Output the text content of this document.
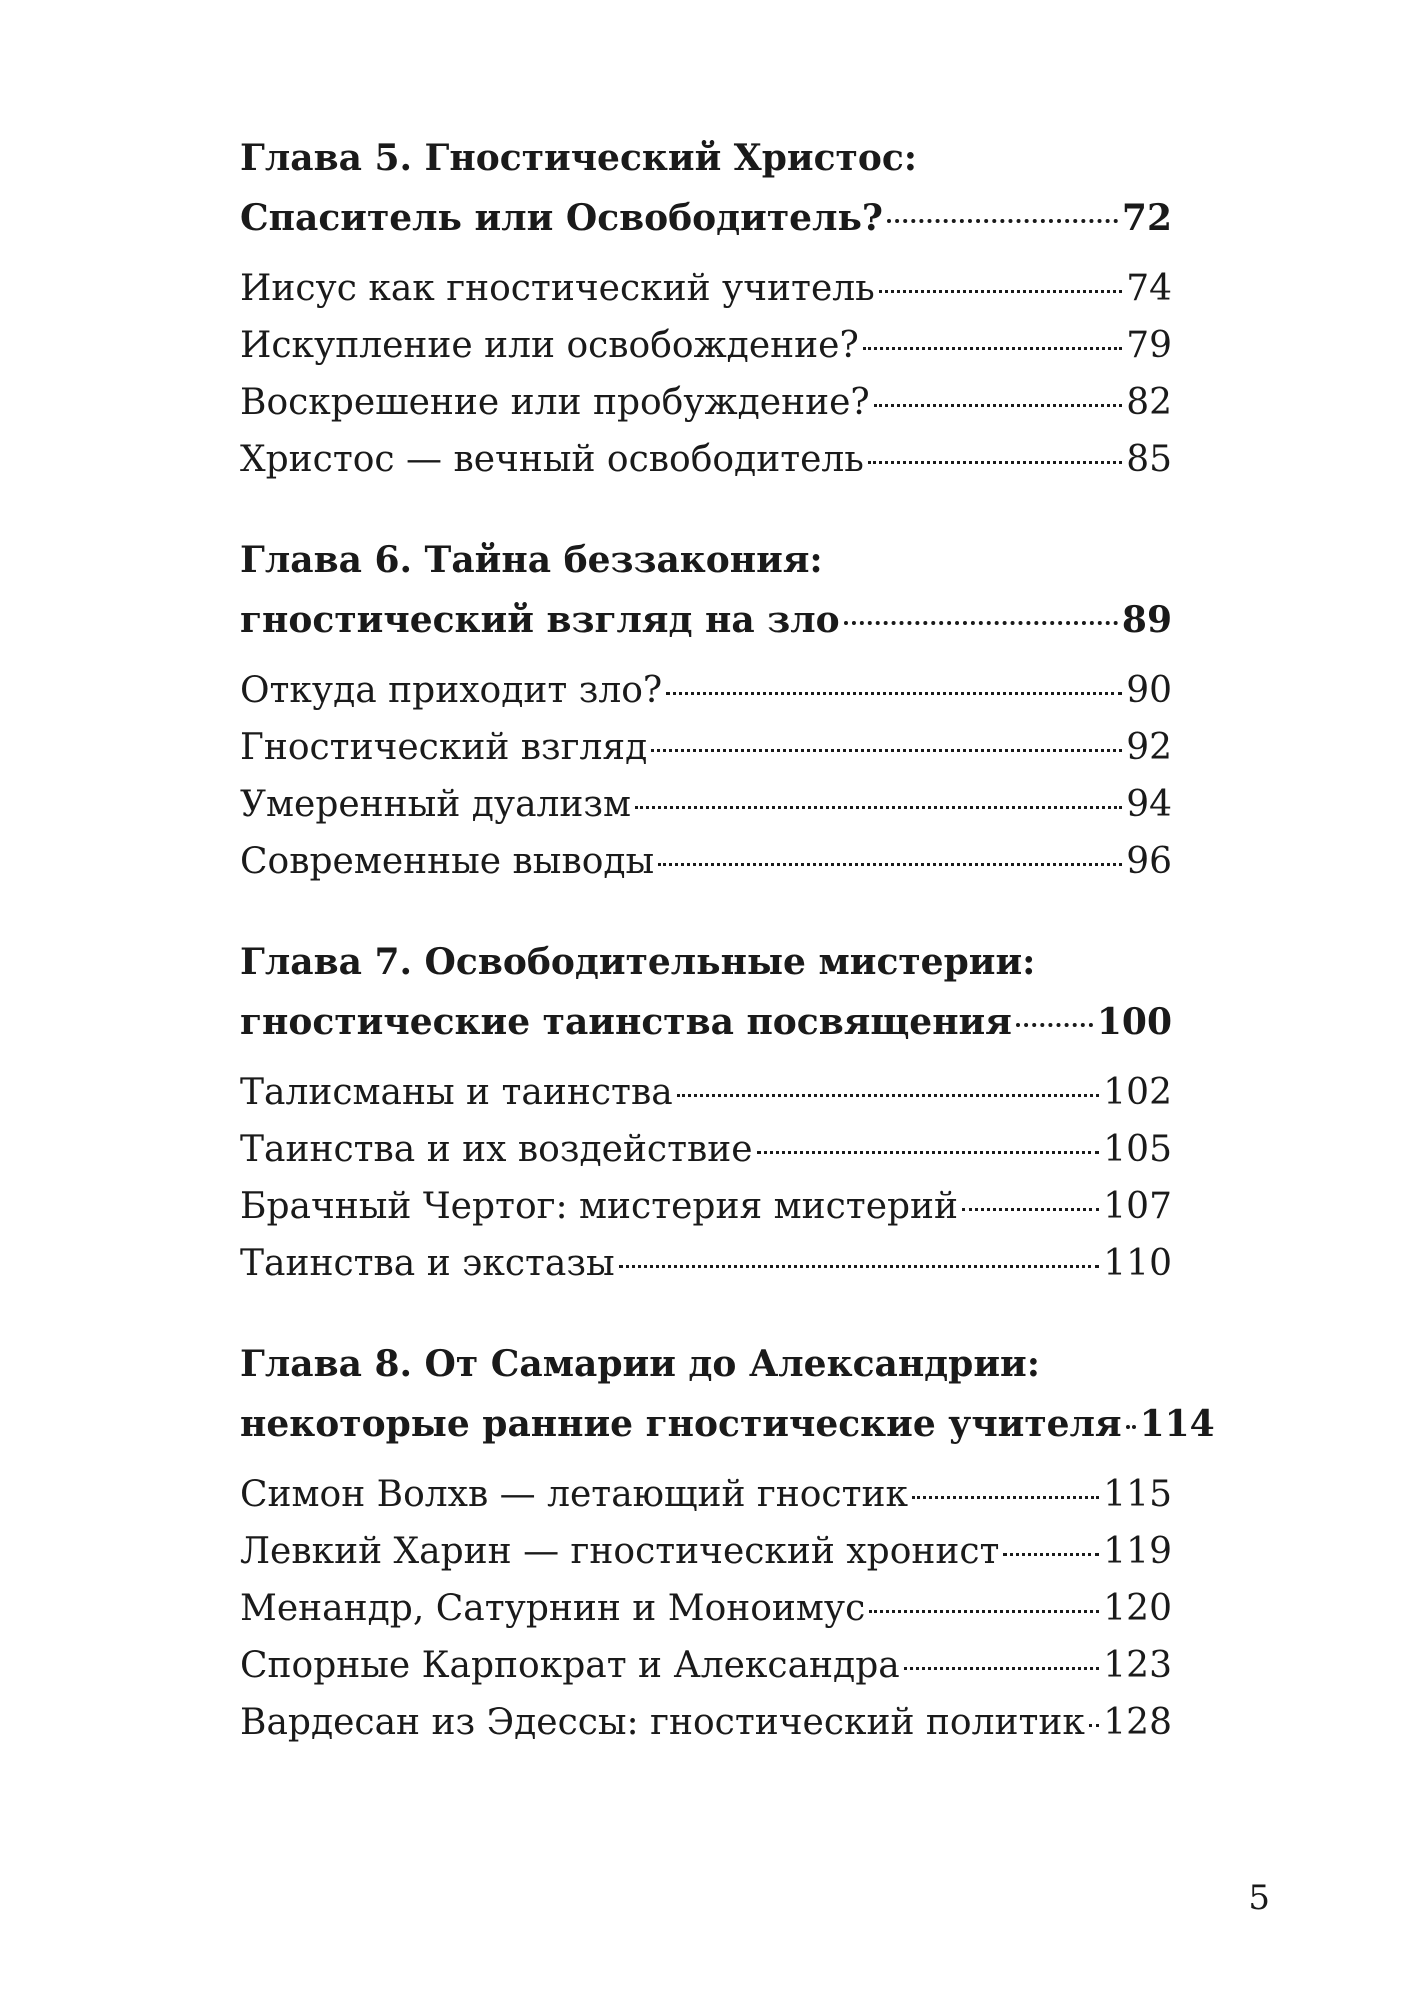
Глава 5. Гностический Христос:
Спаситель или Освободитель?	72
Иисус как гностический учитель	74
Искупление или освобождение?	79
Воскрешение или пробуждение?	82
Христос — вечный освободитель	85
Глава 6. Тайна беззакония:
гностический взгляд на зло	89
Откуда приходит зло?	90
Гностический взгляд	92
Умеренный дуализм	94
Современные выводы	96
Глава 7. Освободительные мистерии:
гностические таинства посвящения 100
Талисманы и таинства	102
Таинства и их воздействие	105
Брачный Чертог: мистерия мистерий	107
Таинства и экстазы	110
Глава 8. От Самарии до Александрии:
некоторые ранние гностические учителя 114
Симон Волхв — летающий гностик	115
Левкий Харин — гностический хронист	119
Менандр, Сатурнин и Моноимус	120
Спорные Карпократ и Александра	123
Вардесан из Эдессы: гностический политик 128
5
